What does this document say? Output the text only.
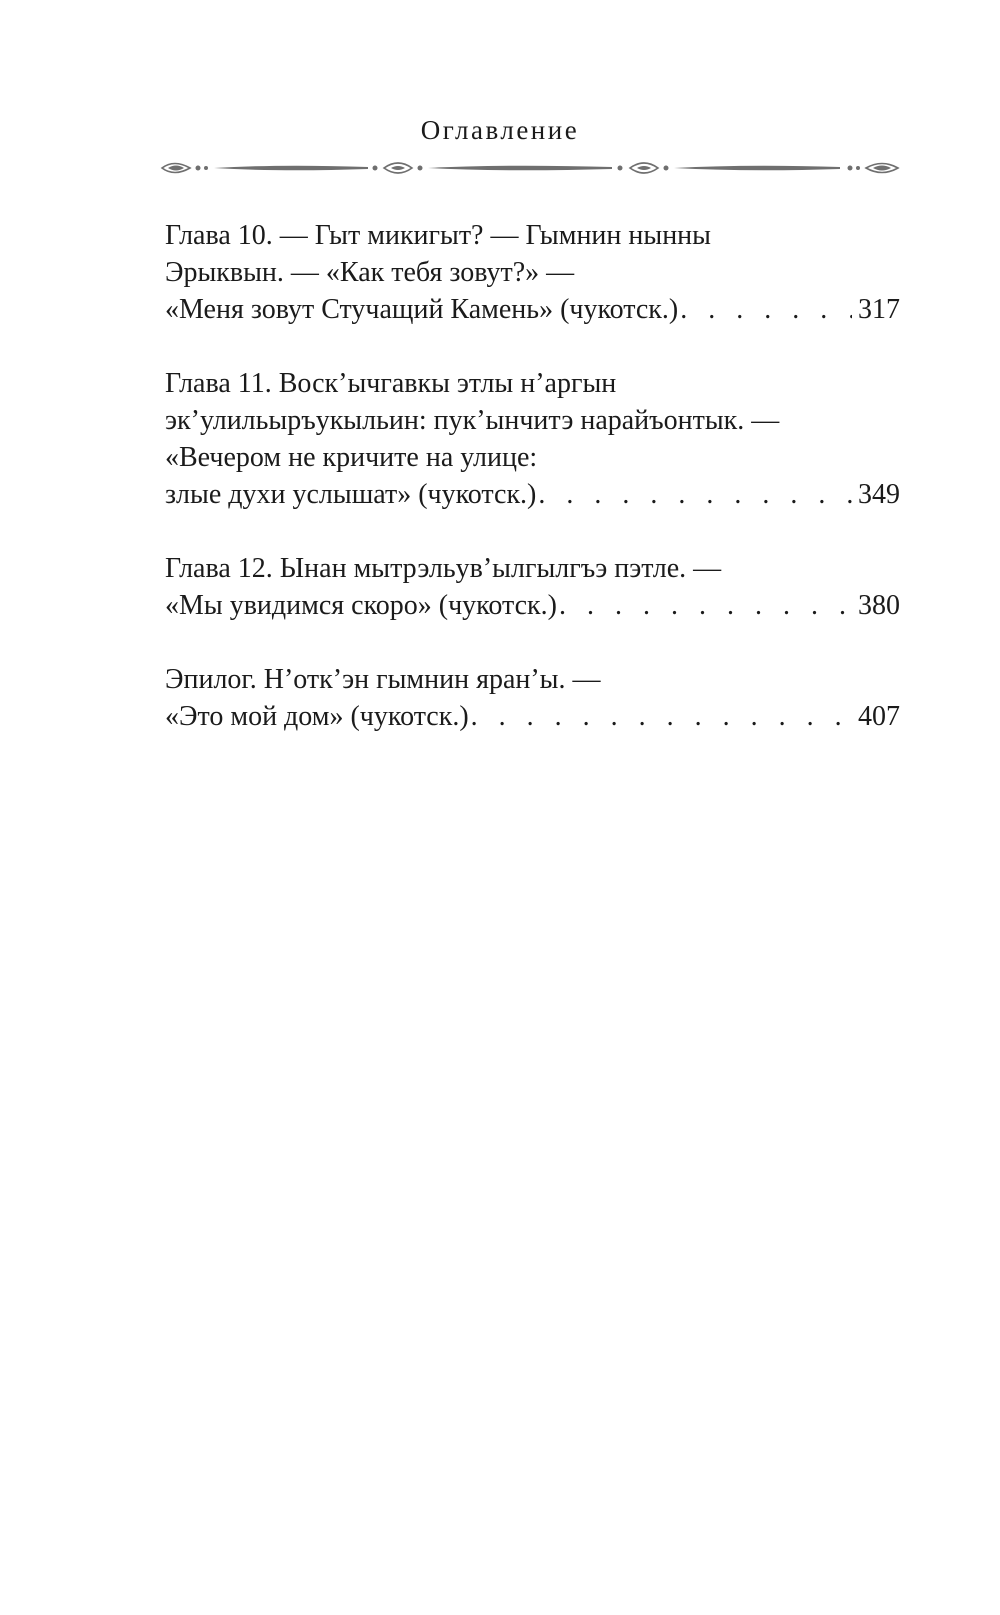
Оглавление
Глава 10. — Гыт микигыт? — Гымнин нынны
Эрыквын. — «Как тебя зовут?» —
«Меня зовут Стучащий Камень» (чукотск.) . . .	317
Глава 11. Воск’ычгавкы этлы н’аргын
эк’улильыръукыльин: пук’ынчитэ нарайъонтык. —
«Вечером не кричите на улице:
злые духи услышат» (чукотск.) . . .	349
Глава 12. Ынан мытрэльув’ылгылгъэ пэтле. —
«Мы увидимся скоро» (чукотск.) . . .	380
Эпилог. Н’отк’эн гымнин яран’ы. —
«Это мой дом» (чукотск.) . . .	407
